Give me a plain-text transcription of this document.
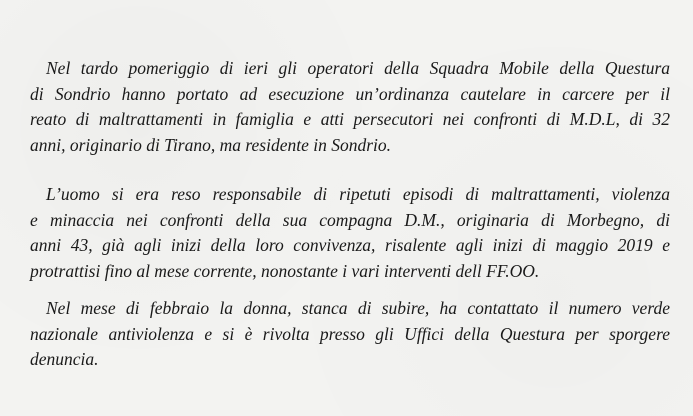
Nel tardo pomeriggio di ieri gli operatori della Squadra Mobile della Questura
di Sondrio hanno portato ad esecuzione un’ordinanza cautelare in carcere per il
reato di maltrattamenti in famiglia e atti persecutori nei confronti di M.D.L, di 32
anni, originario di Tirano, ma residente in Sondrio.

L’uomo si era reso responsabile di ripetuti episodi di maltrattamenti, violenza
e minaccia nei confronti della sua compagna D.M., originaria di Morbegno, di
anni 43, già agli inizi della loro convivenza, risalente agli inizi di maggio 2019 e
protrattisi fino al mese corrente, nonostante i vari interventi dell FF.OO.

Nel mese di febbraio la donna, stanca di subire, ha contattato il numero verde
nazionale antiviolenza e si è rivolta presso gli Uffici della Questura per sporgere
denuncia.
